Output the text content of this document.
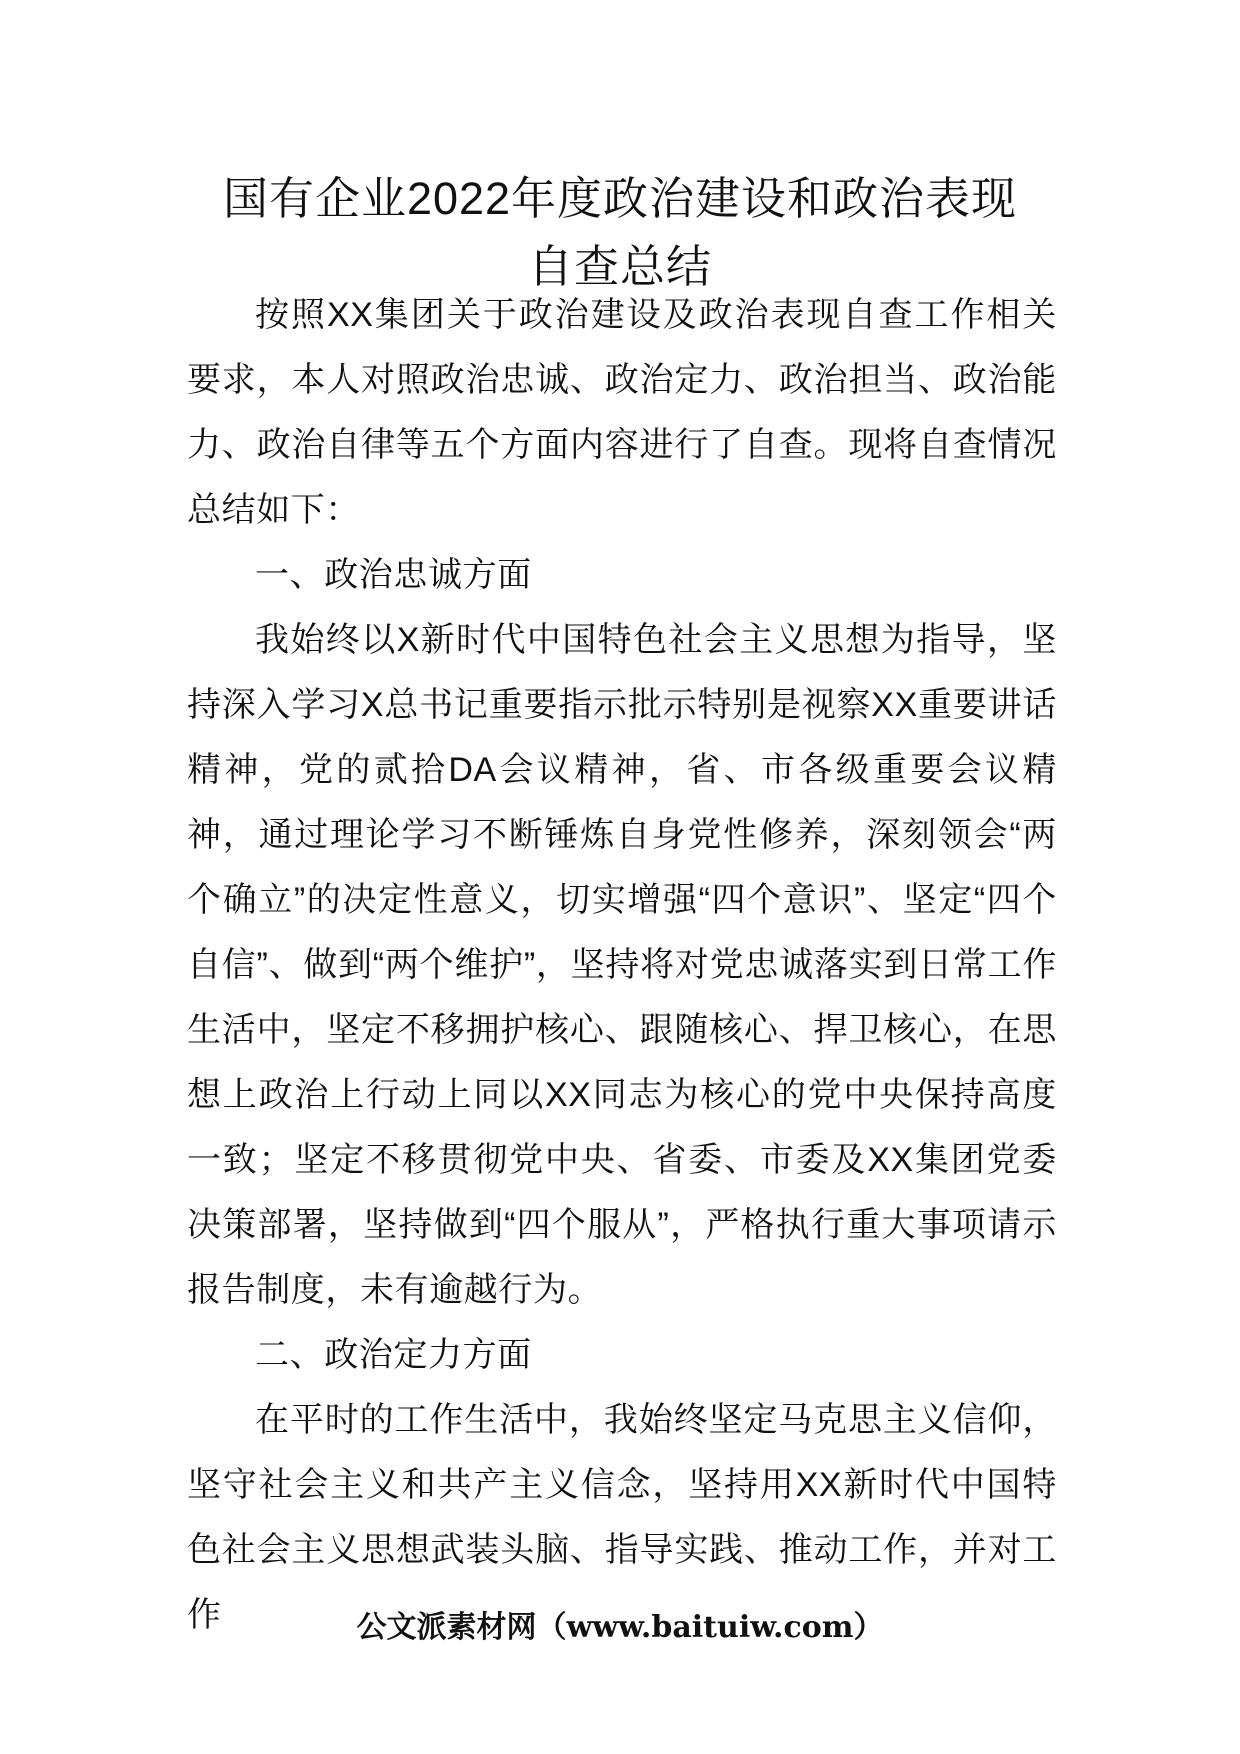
国有企业2022年度政治建设和政治表现
自查总结

按照XX集团关于政治建设及政治表现自查工作相关要求，本人对照政治忠诚、政治定力、政治担当、政治能力、政治自律等五个方面内容进行了自查。现将自查情况总结如下：

一、政治忠诚方面

我始终以X新时代中国特色社会主义思想为指导，坚持深入学习X总书记重要指示批示特别是视察XX重要讲话精神，党的贰拾DA会议精神，省、市各级重要会议精神，通过理论学习不断锤炼自身党性修养，深刻领会“两个确立”的决定性意义，切实增强“四个意识”、坚定“四个自信”、做到“两个维护”，坚持将对党忠诚落实到日常工作生活中，坚定不移拥护核心、跟随核心、捍卫核心，在思想上政治上行动上同以XX同志为核心的党中央保持高度一致；坚定不移贯彻党中央、省委、市委及XX集团党委决策部署，坚持做到“四个服从”，严格执行重大事项请示报告制度，未有逾越行为。

二、政治定力方面

在平时的工作生活中，我始终坚定马克思主义信仰，坚守社会主义和共产主义信念，坚持用XX新时代中国特色社会主义思想武装头脑、指导实践、推动工作，并对工作	公文派素材网（www.baituiw.com）
